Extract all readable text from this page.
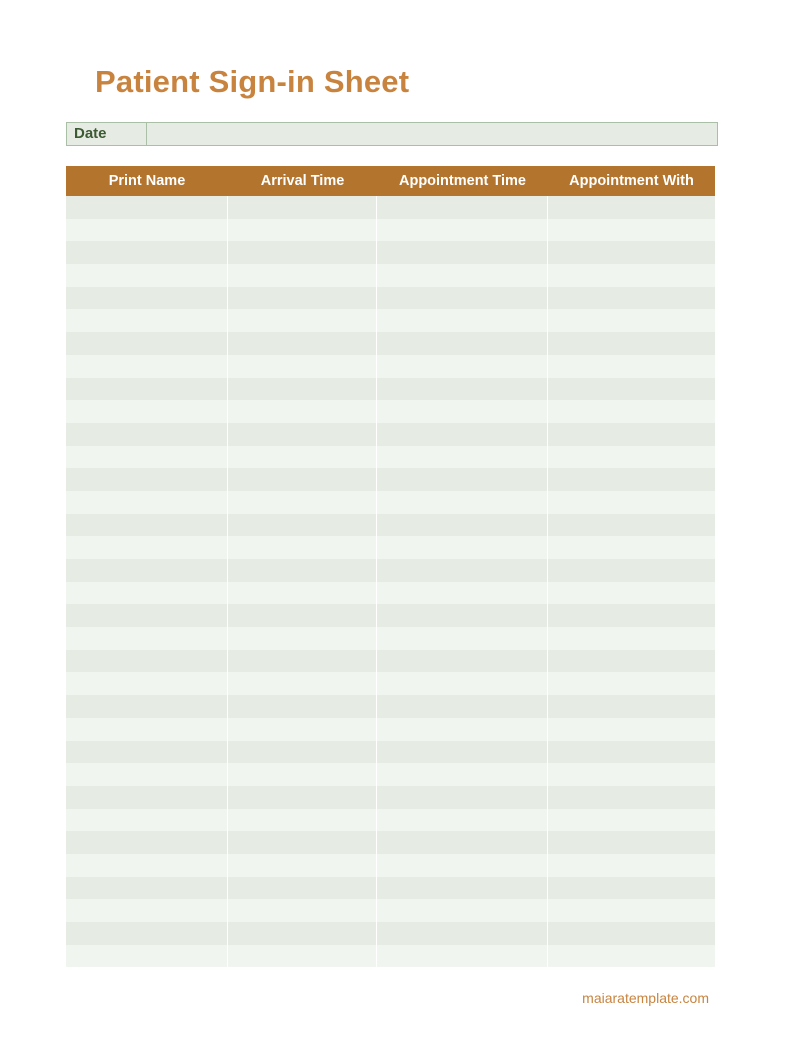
Patient Sign-in Sheet
Date
Print Name	Arrival Time	Appointment Time	Appointment With
maiaratemplate.com
